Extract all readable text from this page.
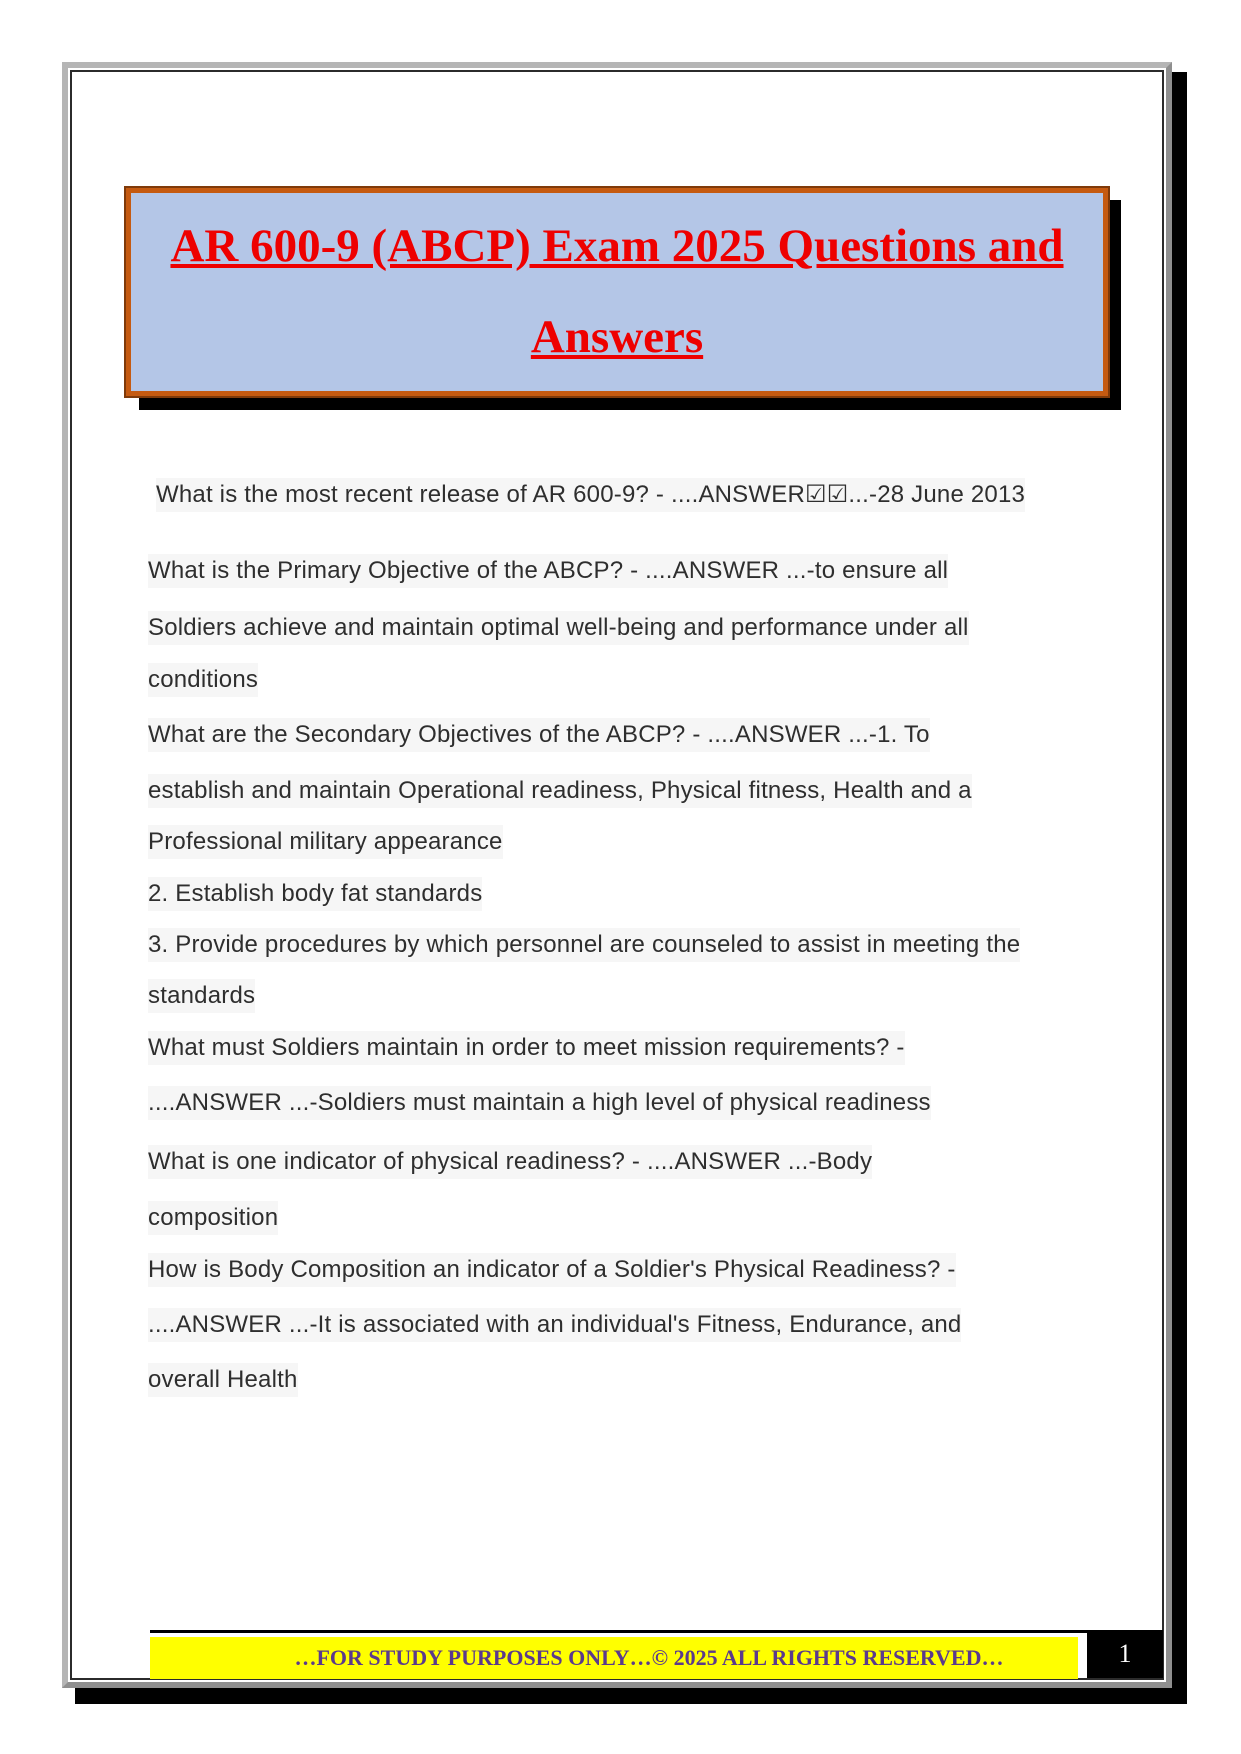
AR 600-9 (ABCP) Exam 2025 Questions and Answers
What is the most recent release of AR 600-9? - ....ANSWER☑☑...-28 June 2013
What is the Primary Objective of the ABCP? - ....ANSWER ...-to ensure all
Soldiers achieve and maintain optimal well-being and performance under all
conditions
What are the Secondary Objectives of the ABCP? - ....ANSWER ...-1. To
establish and maintain Operational readiness, Physical fitness, Health and a
Professional military appearance
2. Establish body fat standards
3. Provide procedures by which personnel are counseled to assist in meeting the
standards
What must Soldiers maintain in order to meet mission requirements? -
....ANSWER ...-Soldiers must maintain a high level of physical readiness
What is one indicator of physical readiness? - ....ANSWER ...-Body
composition
How is Body Composition an indicator of a Soldier's Physical Readiness? -
....ANSWER ...-It is associated with an individual's Fitness, Endurance, and
overall Health
…FOR STUDY PURPOSES ONLY…© 2025 ALL RIGHTS RESERVED…	1
